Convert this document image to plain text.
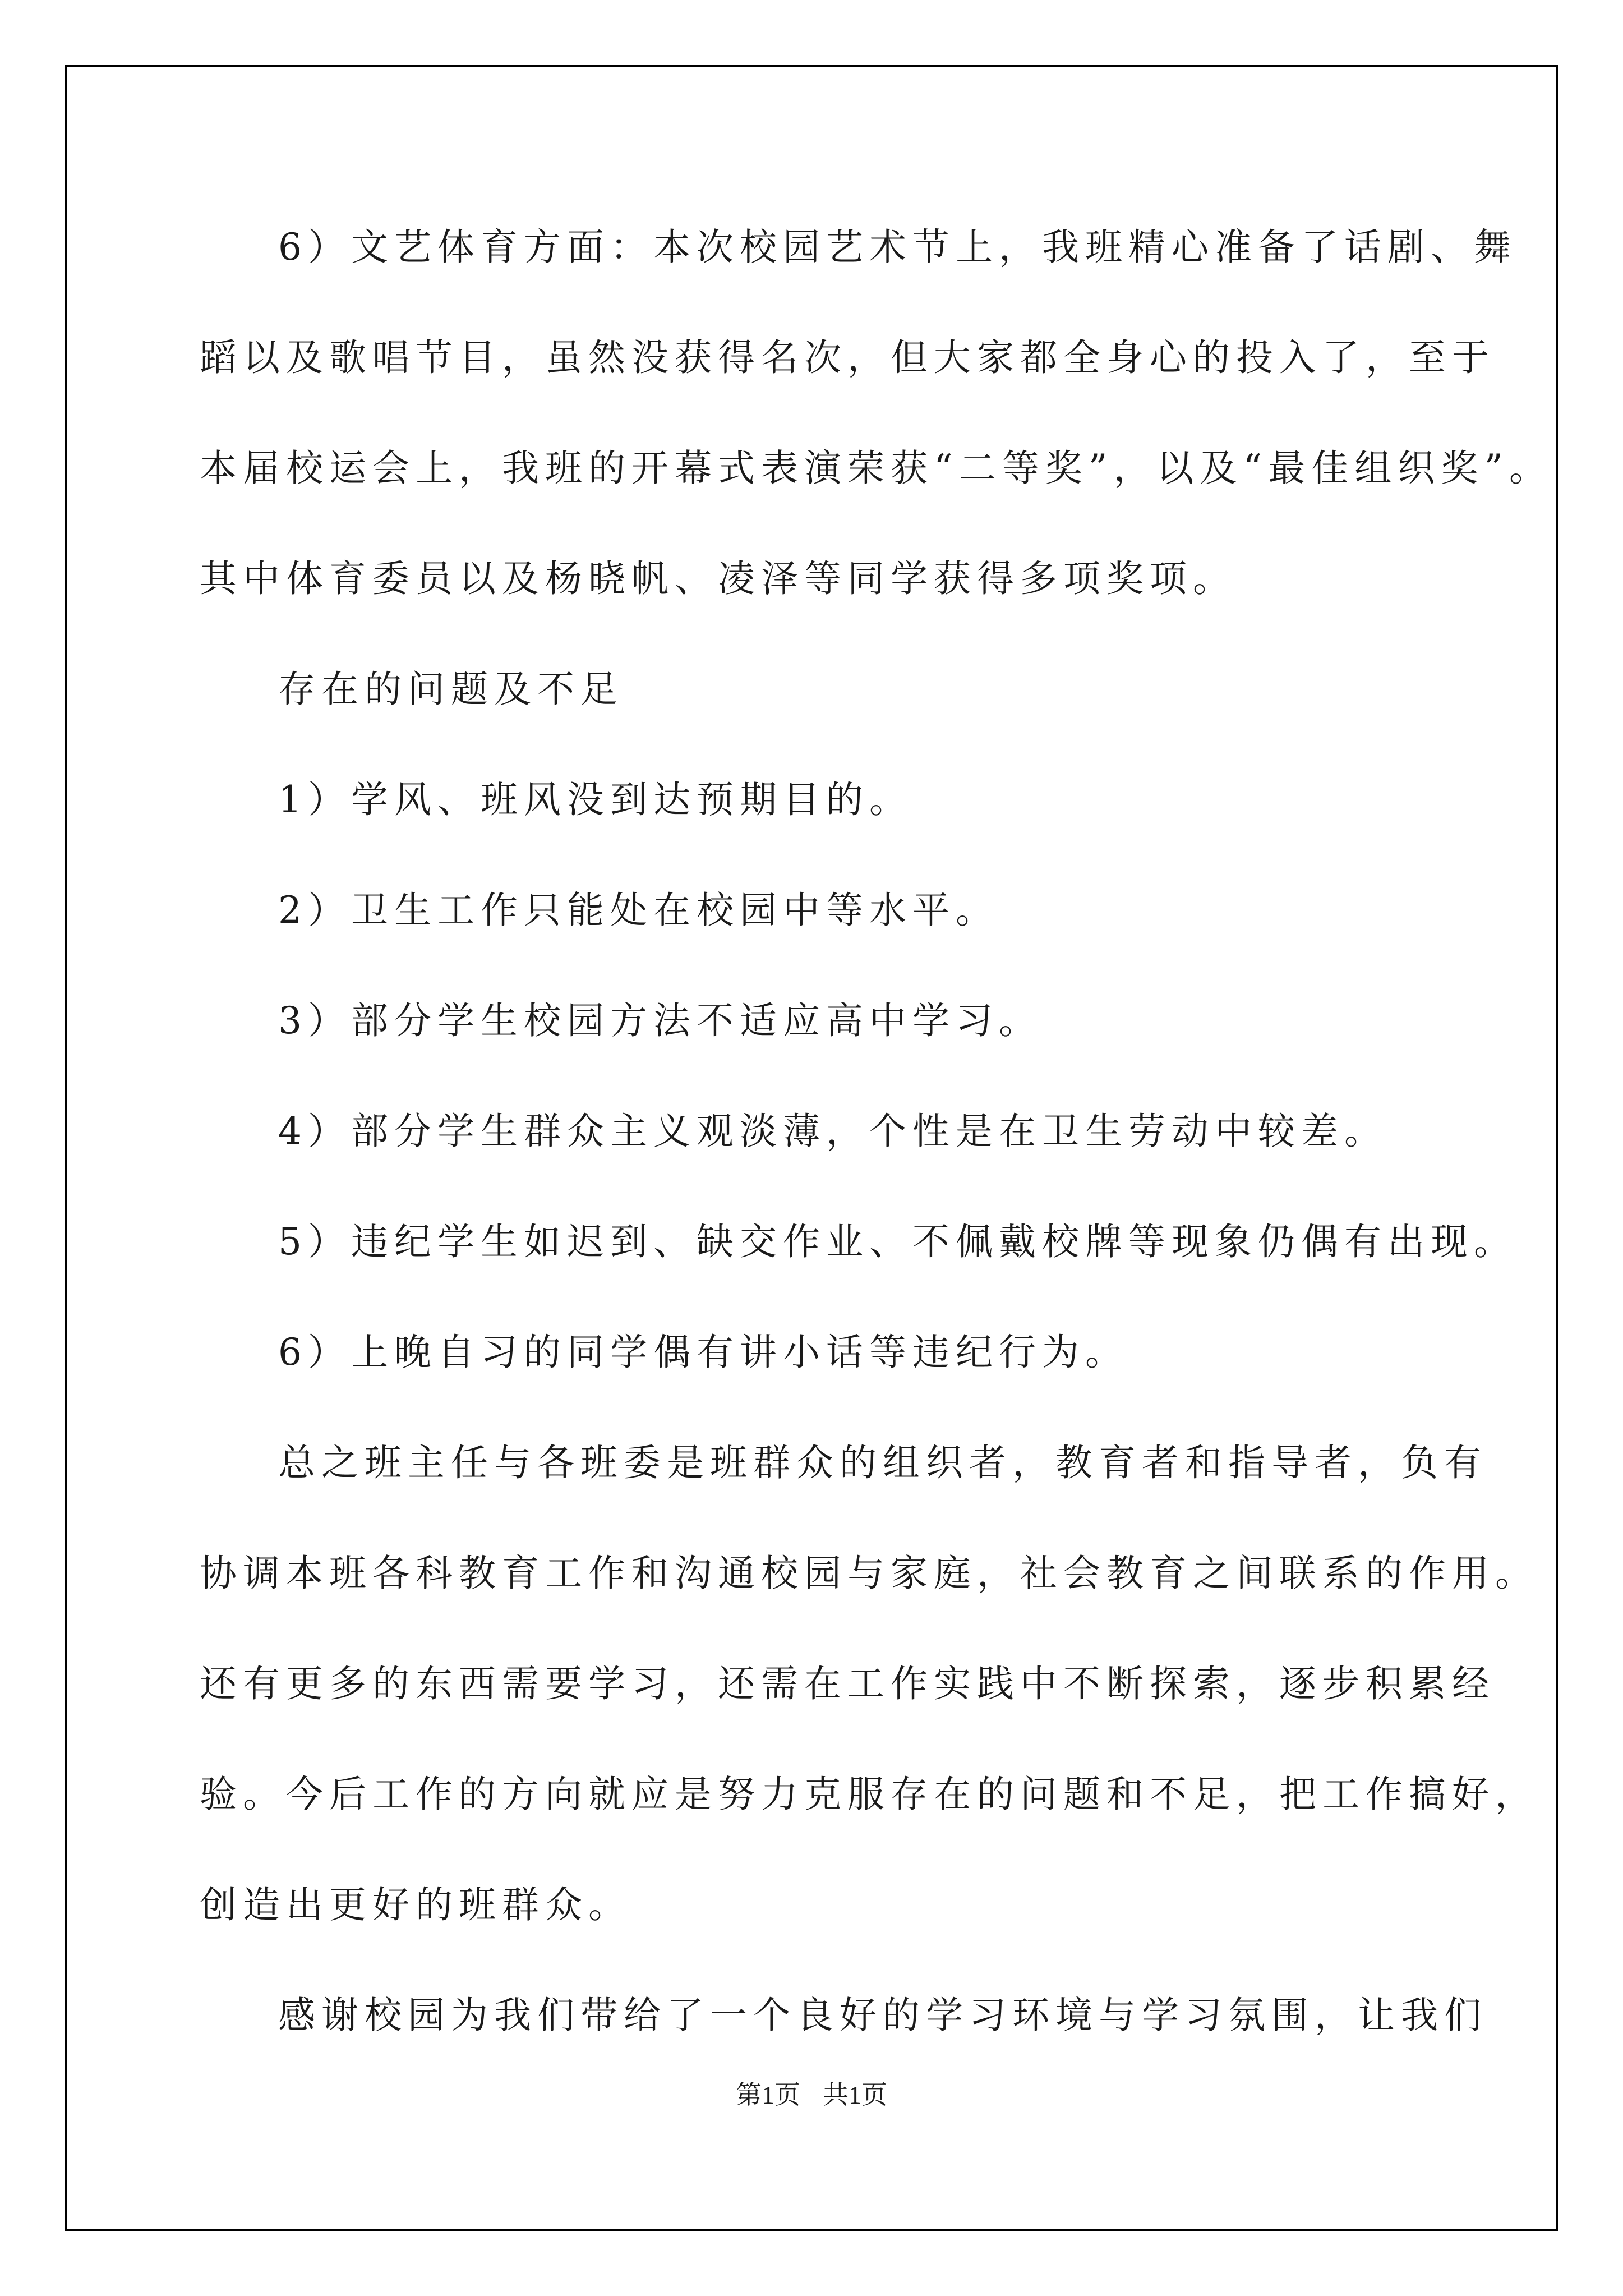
6）文艺体育方面：本次校园艺术节上，我班精心准备了话剧、舞

蹈以及歌唱节目，虽然没获得名次，但大家都全身心的投入了，至于

本届校运会上，我班的开幕式表演荣获“二等奖”，以及“最佳组织奖”。

其中体育委员以及杨晓帆、凌泽等同学获得多项奖项。

存在的问题及不足

1）学风、班风没到达预期目的。

2）卫生工作只能处在校园中等水平。

3）部分学生校园方法不适应高中学习。

4）部分学生群众主义观淡薄，个性是在卫生劳动中较差。

5）违纪学生如迟到、缺交作业、不佩戴校牌等现象仍偶有出现。

6）上晚自习的同学偶有讲小话等违纪行为。

总之班主任与各班委是班群众的组织者，教育者和指导者，负有

协调本班各科教育工作和沟通校园与家庭，社会教育之间联系的作用。

还有更多的东西需要学习，还需在工作实践中不断探索，逐步积累经

验。今后工作的方向就应是努力克服存在的问题和不足，把工作搞好，

创造出更好的班群众。

感谢校园为我们带给了一个良好的学习环境与学习氛围，让我们

第1页 共1页
